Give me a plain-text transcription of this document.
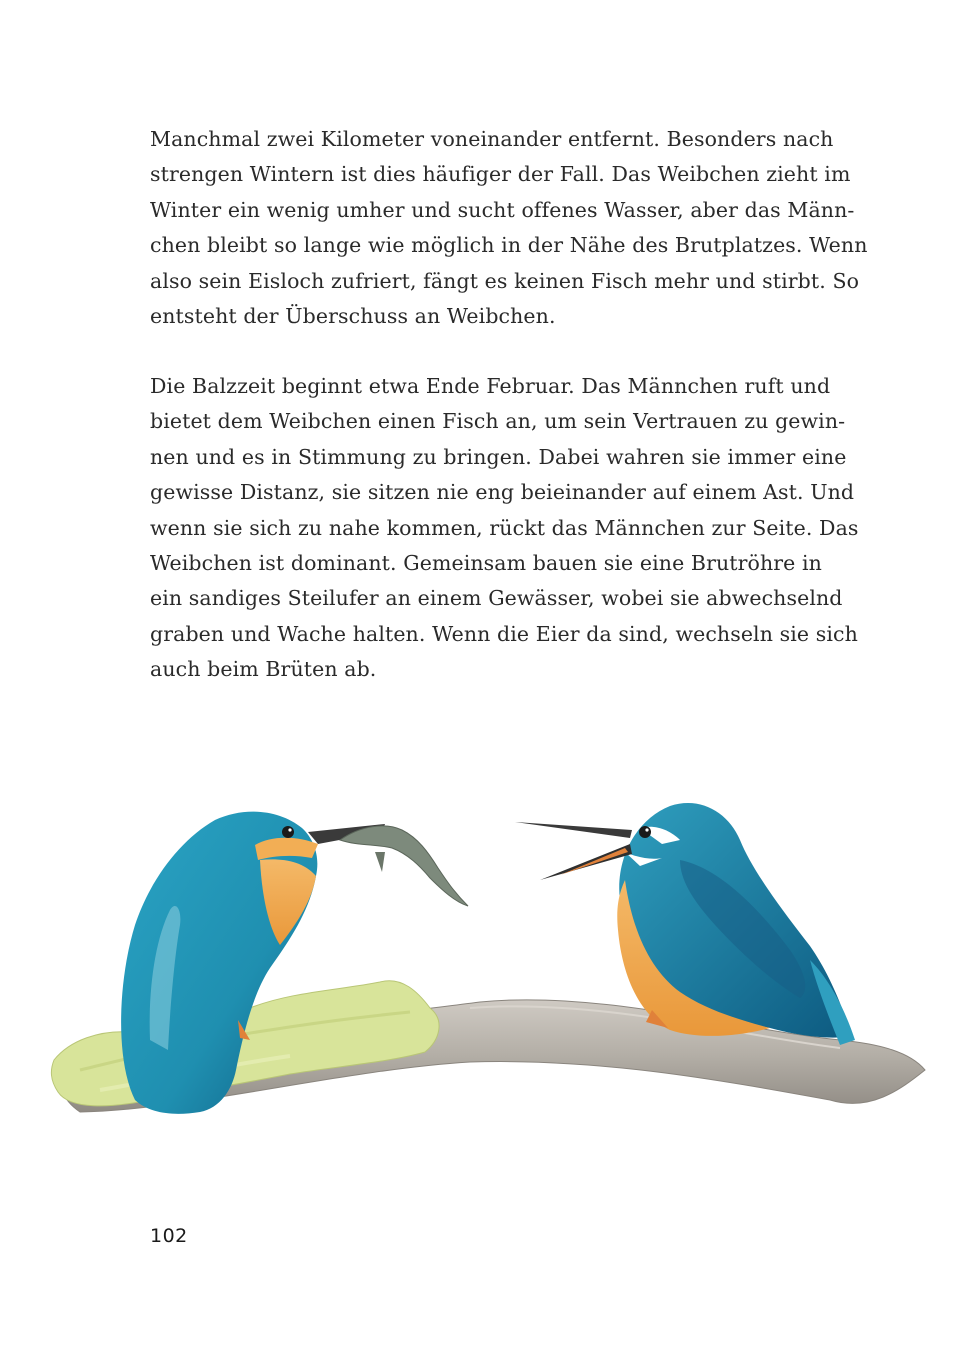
Manchmal zwei Kilometer voneinander entfernt. Besonders nach
strengen Wintern ist dies häufiger der Fall. Das Weibchen zieht im
Winter ein wenig umher und sucht offenes Wasser, aber das Männ-
chen bleibt so lange wie möglich in der Nähe des Brutplatzes. Wenn
also sein Eisloch zufriert, fängt es keinen Fisch mehr und stirbt. So
entsteht der Überschuss an Weibchen.

Die Balzzeit beginnt etwa Ende Februar. Das Männchen ruft und
bietet dem Weibchen einen Fisch an, um sein Vertrauen zu gewin-
nen und es in Stimmung zu bringen. Dabei wahren sie immer eine
gewisse Distanz, sie sitzen nie eng beieinander auf einem Ast. Und
wenn sie sich zu nahe kommen, rückt das Männchen zur Seite. Das
Weibchen ist dominant. Gemeinsam bauen sie eine Brutröhre in
ein sandiges Steilufer an einem Gewässer, wobei sie abwechselnd
graben und Wache halten. Wenn die Eier da sind, wechseln sie sich
auch beim Brüten ab.

102
